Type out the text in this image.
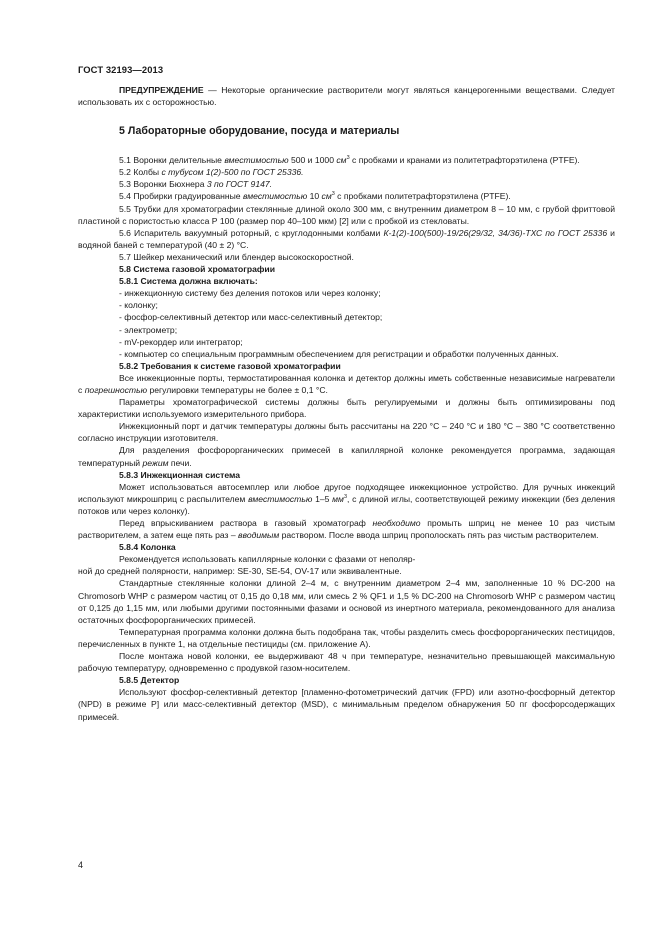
ГОСТ 32193—2013

ПРЕДУПРЕЖДЕНИЕ — Некоторые органические растворители могут являться канцерогенными веществами. Следует использовать их с осторожностью.

5 Лабораторные оборудование, посуда и материалы

5.1 Воронки делительные вместимостью 500 и 1000 $см^3$ с пробками и кранами из политетрафторэтилена (PTFE).

5.2 Колбы с тубусом 1(2)-500 по ГОСТ 25336.

5.3 Воронки Бюхнера 3 по ГОСТ 9147.

5.4 Пробирки градуированные вместимостью 10 $см^3$ с пробками политетрафторэтилена (PTFE).

5.5 Трубки для хроматографии стеклянные длиной около 300 мм, с внутренним диаметром 8 – 10 мм, с грубой фриттовой пластиной с пористостью класса Р 100 (размер пор 40–100 мкм) [2] или с пробкой из стекловаты.

5.6 Испаритель вакуумный роторный, с круглодонными колбами К-1(2)-100(500)-19/26(29/32, 34/36)-ТХС по ГОСТ 25336 и водяной баней с температурой (40 ± 2) °С.

5.7 Шейкер механический или блендер высокоскоростной.

5.8 Система газовой хроматографии

5.8.1 Система должна включать:

- инжекционную систему без деления потоков или через колонку;

- колонку;

- фосфор-селективный детектор или масс-селективный детектор;

- электрометр;

- mV-рекордер или интегратор;

- компьютер со специальным программным обеспечением для регистрации и обработки полученных данных.

5.8.2 Требования к системе газовой хроматографии

Все инжекционные порты, термостатированная колонка и детектор должны иметь собственные независимые нагреватели с погрешностью регулировки температуры не более ± 0,1 °С.

Параметры хроматографической системы должны быть регулируемыми и должны быть оптимизированы под характеристики используемого измерительного прибора.

Инжекционный порт и датчик температуры должны быть рассчитаны на 220 °С – 240 °С и 180 °С – 380 °С соответственно согласно инструкции изготовителя.

Для разделения фосфорорганических примесей в капиллярной колонке рекомендуется программа, задающая температурный режим печи.

5.8.3 Инжекционная система

Может использоваться автосемплер или любое другое подходящее инжекционное устройство. Для ручных инжекций используют микрошприц с распылителем вместимостью 1–5 $мм^3$, с длиной иглы, соответствующей режиму инжекции (без деления потоков или через колонку).

Перед впрыскиванием раствора в газовый хроматограф необходимо промыть шприц не менее 10 раз чистым растворителем, а затем еще пять раз – вводимым раствором. После ввода шприц прополоскать пять раз чистым растворителем.

5.8.4 Колонка

Рекомендуется использовать капиллярные колонки с фазами от неполяр-

ной до средней полярности, например: SE-30, SE-54, OV-17 или эквивалентные.

Стандартные стеклянные колонки длиной 2–4 м, с внутренним диаметром 2–4 мм, заполненные 10 % DC-200 на Chromosorb WHP с размером частиц от 0,15 до 0,18 мм, или смесь 2 % QF1 и 1,5 % DC-200 на Chromosorb WHP с размером частиц от 0,125 до 1,15 мм, или любыми другими постоянными фазами и основой из инертного материала, рекомендованного для анализа остаточных фосфорорганических примесей.

Температурная программа колонки должна быть подобрана так, чтобы разделить смесь фосфорорганических пестицидов, перечисленных в пункте 1, на отдельные пестициды (см. приложение А).

После монтажа новой колонки, ее выдерживают 48 ч при температуре, незначительно превышающей максимальную рабочую температуру, одновременно с продувкой газом-носителем.

5.8.5 Детектор

Используют фосфор-селективный детектор [пламенно-фотометрический датчик (FPD) или азотно-фосфорный детектор (NPD) в режиме Р] или масс-селективный детектор (MSD), с минимальным пределом обнаружения 50 пг фосфорсодержащих примесей.

4
